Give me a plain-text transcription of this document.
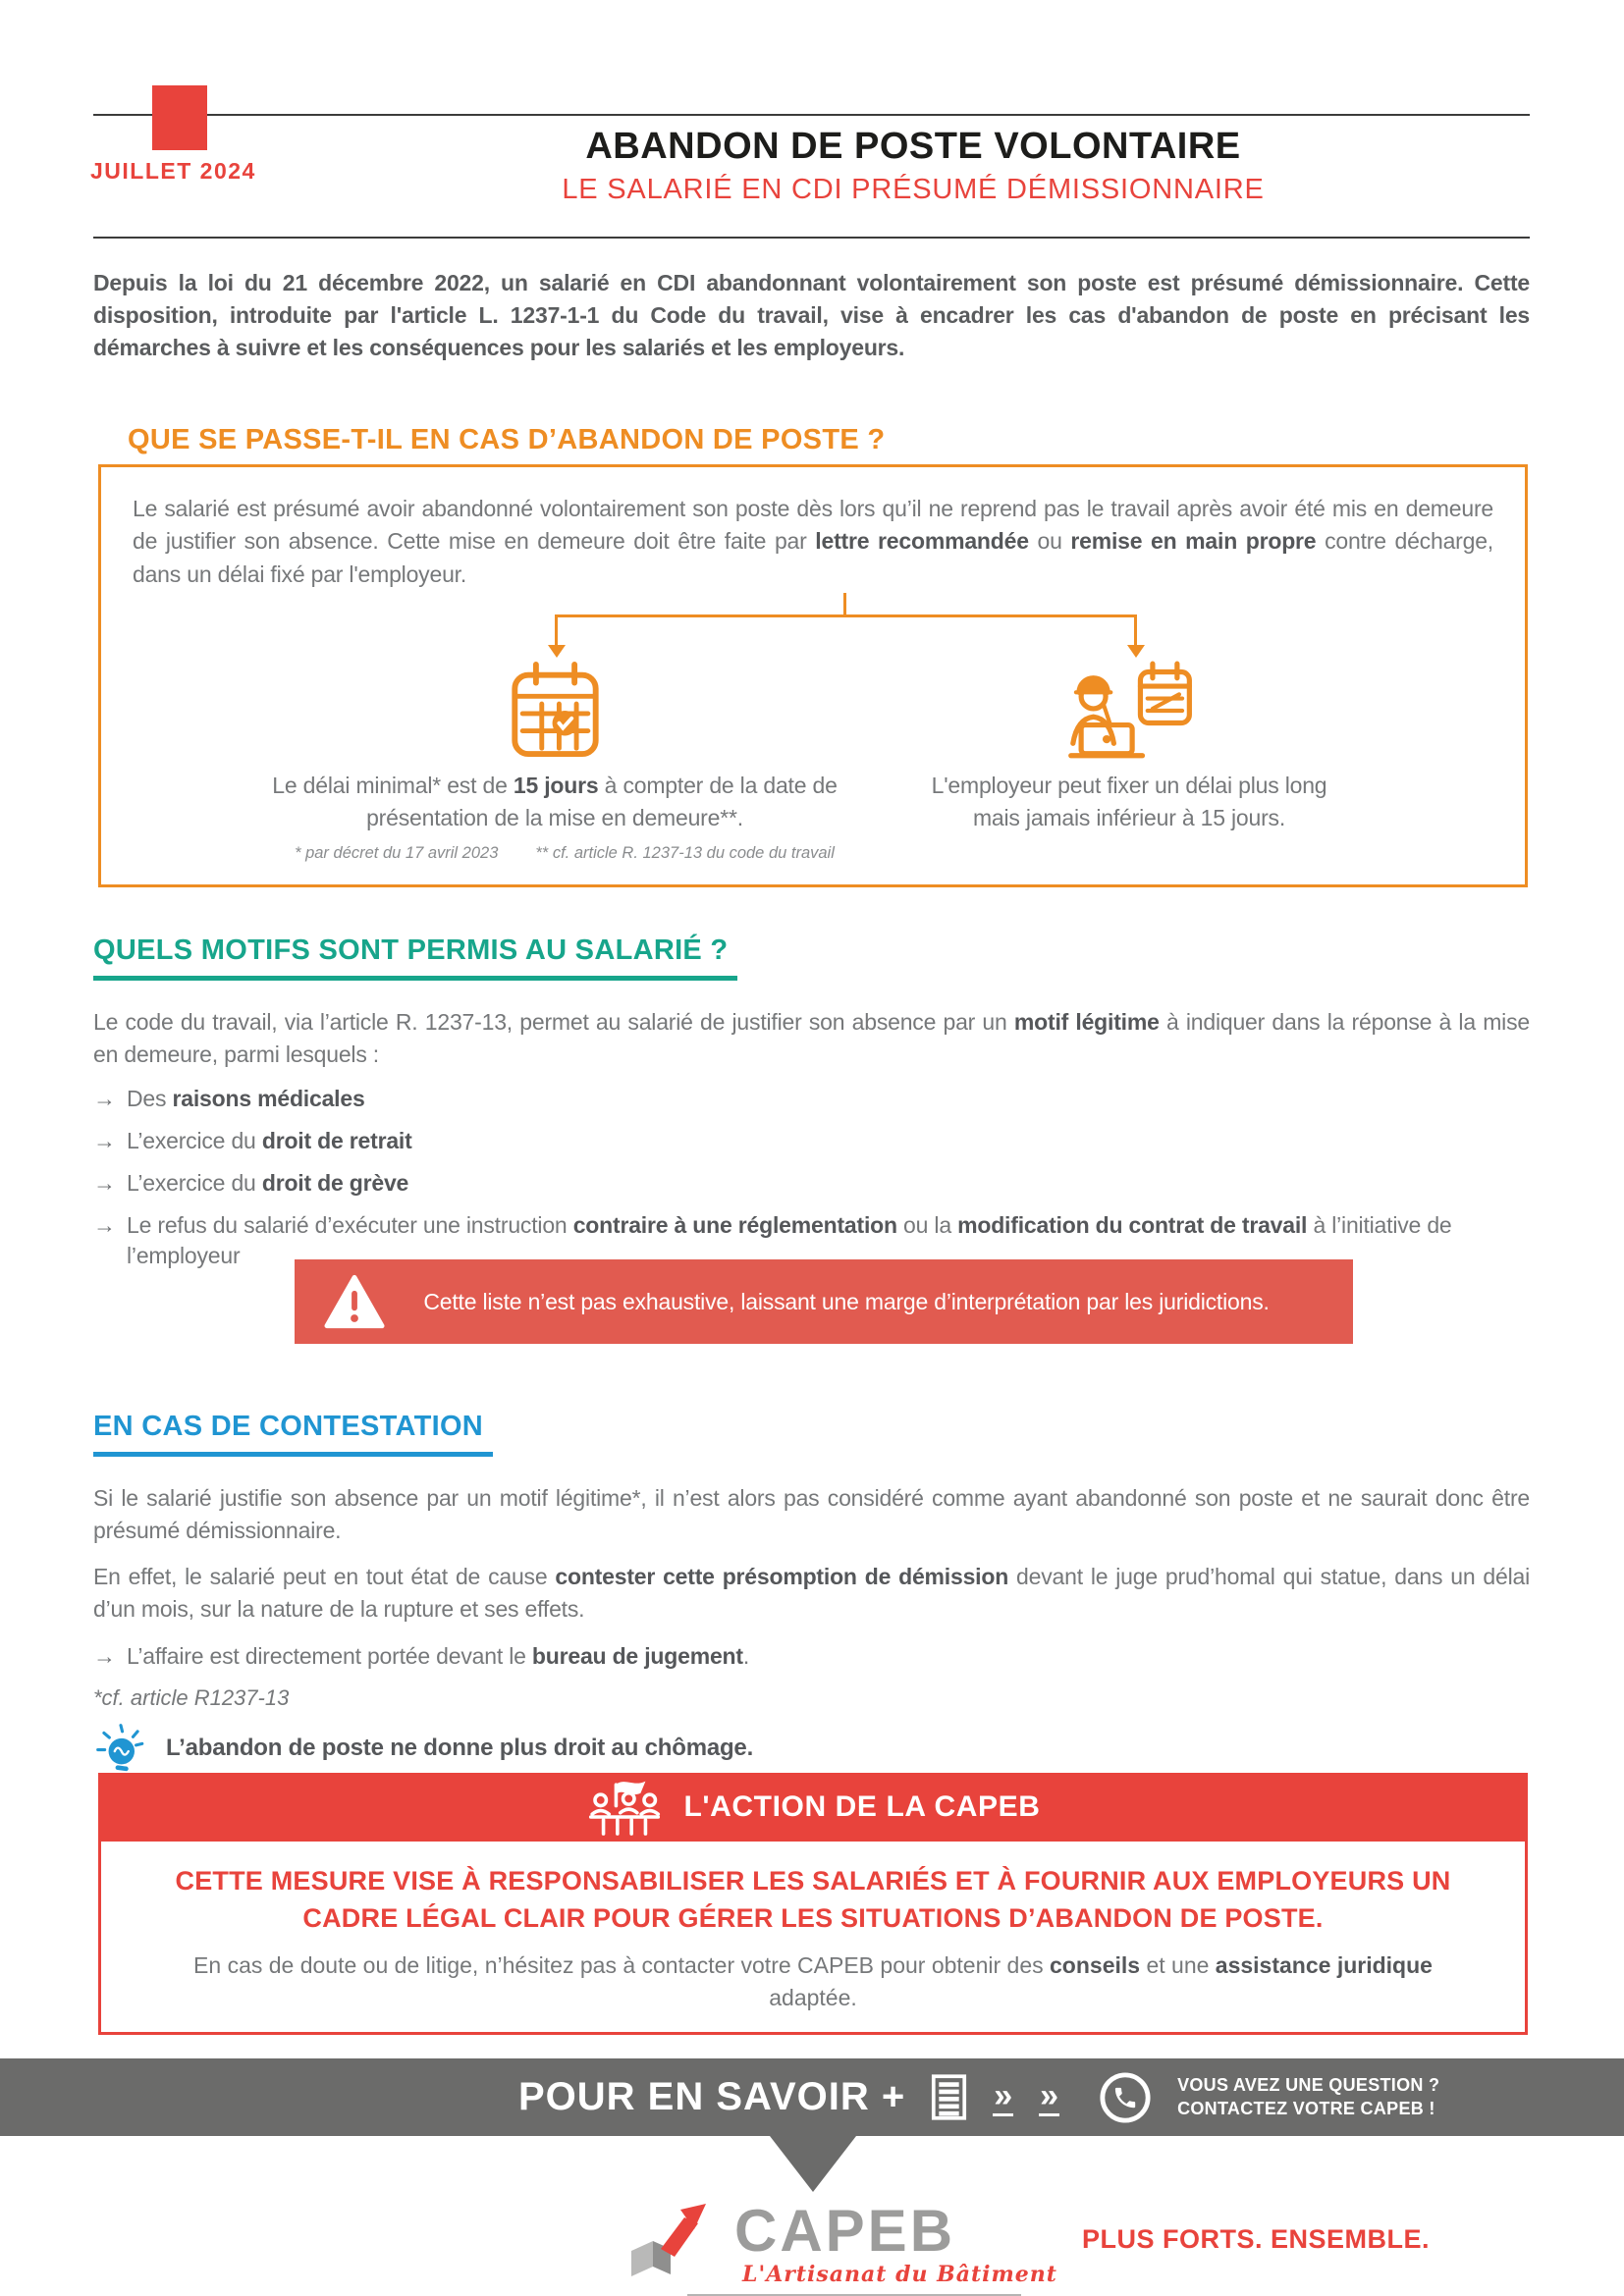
JUILLET 2024
ABANDON DE POSTE VOLONTAIRE
LE SALARIÉ EN CDI PRÉSUMÉ DÉMISSIONNAIRE

Depuis la loi du 21 décembre 2022, un salarié en CDI abandonnant volontairement son poste est présumé démissionnaire. Cette disposition, introduite par l'article L. 1237-1-1 du Code du travail, vise à encadrer les cas d'abandon de poste en précisant les démarches à suivre et les conséquences pour les salariés et les employeurs.

QUE SE PASSE-T-IL EN CAS D’ABANDON DE POSTE ?

Le salarié est présumé avoir abandonné volontairement son poste dès lors qu’il ne reprend pas le travail après avoir été mis en demeure de justifier son absence. Cette mise en demeure doit être faite par lettre recommandée ou remise en main propre contre décharge, dans un délai fixé par l'employeur.

Le délai minimal* est de 15 jours à compter de la date de présentation de la mise en demeure**.
* par décret du 17 avril 2023 ** cf. article R. 1237-13 du code du travail
L'employeur peut fixer un délai plus long mais jamais inférieur à 15 jours.
QUELS MOTIFS SONT PERMIS AU SALARIÉ ?

Le code du travail, via l’article R. 1237-13, permet au salarié de justifier son absence par un motif légitime à indiquer dans la réponse à la mise en demeure, parmi lesquels :

→ Des raisons médicales
→ L’exercice du droit de retrait
→ L’exercice du droit de grève
→ Le refus du salarié d’exécuter une instruction contraire à une réglementation ou la modification du contrat de travail à l’initiative de l’employeur
Cette liste n’est pas exhaustive, laissant une marge d’interprétation par les juridictions.
EN CAS DE CONTESTATION

Si le salarié justifie son absence par un motif légitime*, il n’est alors pas considéré comme ayant abandonné son poste et ne saurait donc être présumé démissionnaire.

En effet, le salarié peut en tout état de cause contester cette présomption de démission devant le juge prud’homal qui statue, dans un délai d’un mois, sur la nature de la rupture et ses effets.

→ L’affaire est directement portée devant le bureau de jugement.
*cf. article R1237-13
L’abandon de poste ne donne plus droit au chômage.
L'ACTION DE LA CAPEB
CETTE MESURE VISE À RESPONSABILISER LES SALARIÉS ET À FOURNIR AUX EMPLOYEURS UN CADRE LÉGAL CLAIR POUR GÉRER LES SITUATIONS D’ABANDON DE POSTE.
En cas de doute ou de litige, n’hésitez pas à contacter votre CAPEB pour obtenir des conseils et une assistance juridique adaptée.
POUR EN SAVOIR +	» »	VOUS AVEZ UNE QUESTION ?
CONTACTEZ VOTRE CAPEB !
CAPEB
L'Artisanat du Bâtiment
PLUS FORTS. ENSEMBLE.
